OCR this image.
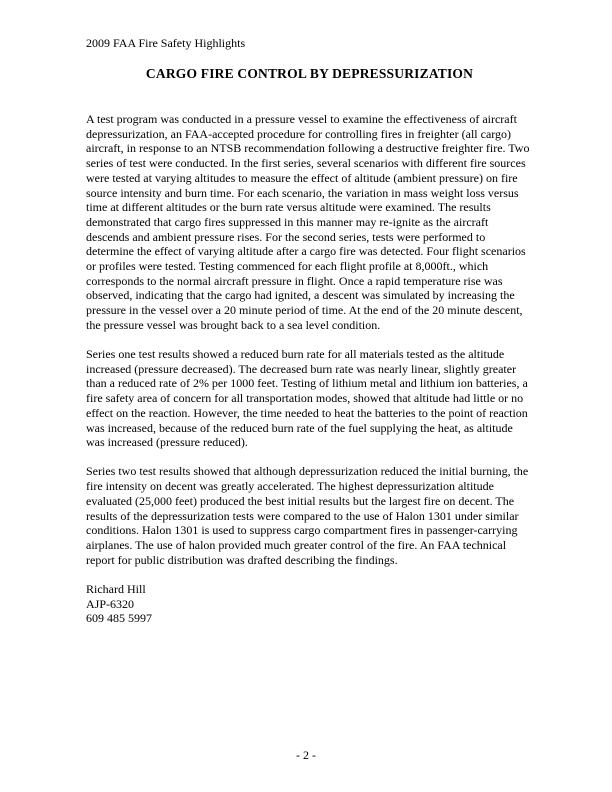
2009 FAA Fire Safety Highlights
CARGO FIRE CONTROL BY DEPRESSURIZATION

A test program was conducted in a pressure vessel to examine the effectiveness of aircraft depressurization, an FAA-accepted procedure for controlling fires in freighter (all cargo) aircraft, in response to an NTSB recommendation following a destructive freighter fire. Two series of test were conducted. In the first series, several scenarios with different fire sources were tested at varying altitudes to measure the effect of altitude (ambient pressure) on fire source intensity and burn time. For each scenario, the variation in mass weight loss versus time at different altitudes or the burn rate versus altitude were examined. The results demonstrated that cargo fires suppressed in this manner may re-ignite as the aircraft descends and ambient pressure rises. For the second series, tests were performed to determine the effect of varying altitude after a cargo fire was detected. Four flight scenarios or profiles were tested. Testing commenced for each flight profile at 8,000ft., which corresponds to the normal aircraft pressure in flight. Once a rapid temperature rise was observed, indicating that the cargo had ignited, a descent was simulated by increasing the pressure in the vessel over a 20 minute period of time. At the end of the 20 minute descent, the pressure vessel was brought back to a sea level condition.

Series one test results showed a reduced burn rate for all materials tested as the altitude increased (pressure decreased). The decreased burn rate was nearly linear, slightly greater than a reduced rate of 2% per 1000 feet. Testing of lithium metal and lithium ion batteries, a fire safety area of concern for all transportation modes, showed that altitude had little or no effect on the reaction. However, the time needed to heat the batteries to the point of reaction was increased, because of the reduced burn rate of the fuel supplying the heat, as altitude was increased (pressure reduced).

Series two test results showed that although depressurization reduced the initial burning, the fire intensity on decent was greatly accelerated. The highest depressurization altitude evaluated (25,000 feet) produced the best initial results but the largest fire on decent. The results of the depressurization tests were compared to the use of Halon 1301 under similar conditions. Halon 1301 is used to suppress cargo compartment fires in passenger-carrying airplanes. The use of halon provided much greater control of the fire. An FAA technical report for public distribution was drafted describing the findings.

Richard Hill
AJP-6320
609 485 5997
- 2 -
